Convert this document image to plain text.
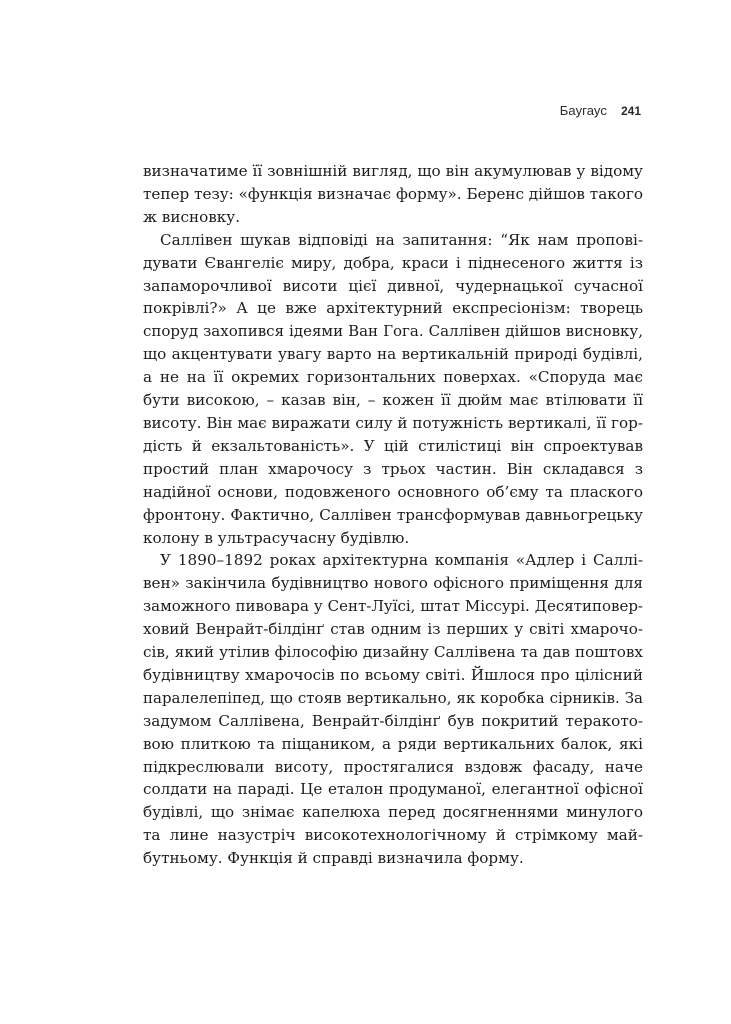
Баугаус 241
визначатиме її зовнішній вигляд, що він акумулював у відому
тепер тезу: «функція визначає форму». Беренс дійшов такого
ж висновку.
Саллівен шукав відповіді на запитання: “Як нам пропові-
дувати Євангеліє миру, добра, краси і піднесеного життя із
запаморочливої висоти цієї дивної, чудернацької сучасної
покрівлі?» А це вже архітектурний експресіонізм: творець
споруд захопився ідеями Ван Гога. Саллівен дійшов висновку,
що акцентувати увагу варто на вертикальній природі будівлі,
а не на її окремих горизонтальних поверхах. «Споруда має
бути високою, – казав він, – кожен її дюйм має втілювати її
висоту. Він має виражати силу й потужність вертикалі, її гор-
дість й екзальтованість». У цій стилістиці він спроектував
простий план хмарочосу з трьох частин. Він складався з
надійної основи, подовженого основного об’єму та плаского
фронтону. Фактично, Саллівен трансформував давньогрецьку
колону в ультрасучасну будівлю.
У 1890–1892 роках архітектурна компанія «Адлер і Саллі-
вен» закінчила будівництво нового офісного приміщення для
заможного пивовара у Сент-Луїсі, штат Міссурі. Десятиповер-
ховий Венрайт-білдінґ став одним із перших у світі хмарочо-
сів, який утілив філософію дизайну Саллівена та дав поштовх
будівництву хмарочосів по всьому світі. Йшлося про цілісний
паралелепіпед, що стояв вертикально, як коробка сірників. За
задумом Саллівена, Венрайт-білдінґ був покритий теракото-
вою плиткою та піщаником, а ряди вертикальних балок, які
підкреслювали висоту, простягалися вздовж фасаду, наче
солдати на параді. Це еталон продуманої, елегантної офісної
будівлі, що знімає капелюха перед досягненнями минулого
та лине назустріч високотехнологічному й стрімкому май-
бутньому. Функція й справді визначила форму.
